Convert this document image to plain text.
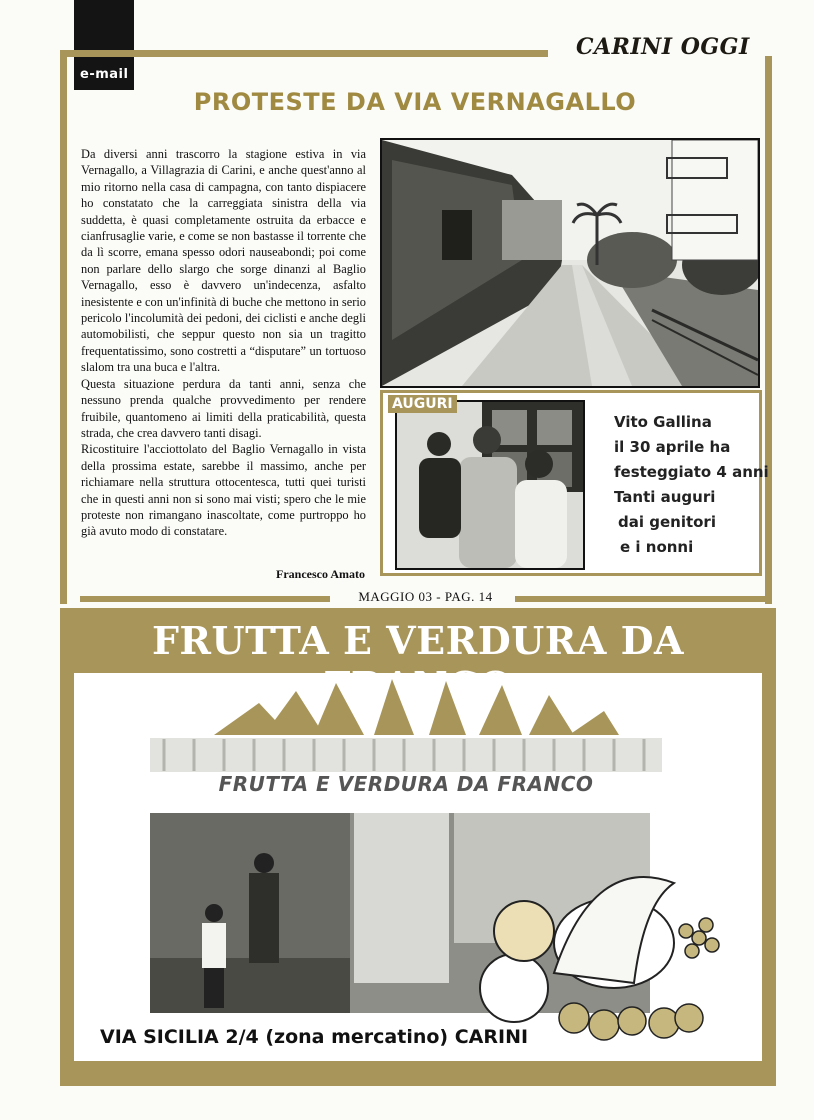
e-mail
CARINI OGGI
PROTESTE DA VIA VERNAGALLO

Da diversi anni trascorro la stagione estiva in via Vernagallo, a Villagrazia di Carini, e anche quest'anno al mio ritorno nella casa di campagna, con tanto dispiacere ho constatato che la carreggiata sinistra della via suddetta, è quasi completamente ostruita da erbacce e cianfrusaglie varie, e come se non bastasse il torrente che da lì scorre, emana spesso odori nauseabondi; poi come non parlare dello slargo che sorge dinanzi al Baglio Vernagallo, esso è davvero un'indecenza, asfalto inesistente e con un'infinità di buche che mettono in serio pericolo l'incolumità dei pedoni, dei ciclisti e anche degli automobilisti, che seppur questo non sia un tragitto frequentatissimo, sono costretti a “disputare” un tortuoso slalom tra una buca e l'altra.

Questa situazione perdura da tanti anni, senza che nessuno prenda qualche provvedimento per rendere fruibile, quantomeno ai limiti della praticabilità, questa strada, che crea davvero tanti disagi.

Ricostituire l'acciottolato del Baglio Vernagallo in vista della prossima estate, sarebbe il massimo, anche per richiamare nella struttura ottocentesca, tutti quei turisti che in questi anni non si sono mai visti; spero che le mie proteste non rimangano inascoltate, come purtroppo ho già avuto modo di constatare.

Francesco Amato
AUGURI
Vito Gallina
il 30 aprile ha
festeggiato 4 anni
Tanti auguri
dai genitori
e i nonni
MAGGIO 03 - PAG. 14
FRUTTA E VERDURA DA
FRUTTA E VERDURA DA FRANCO
VIA SICILIA 2/4 (zona mercatino) CARINI
